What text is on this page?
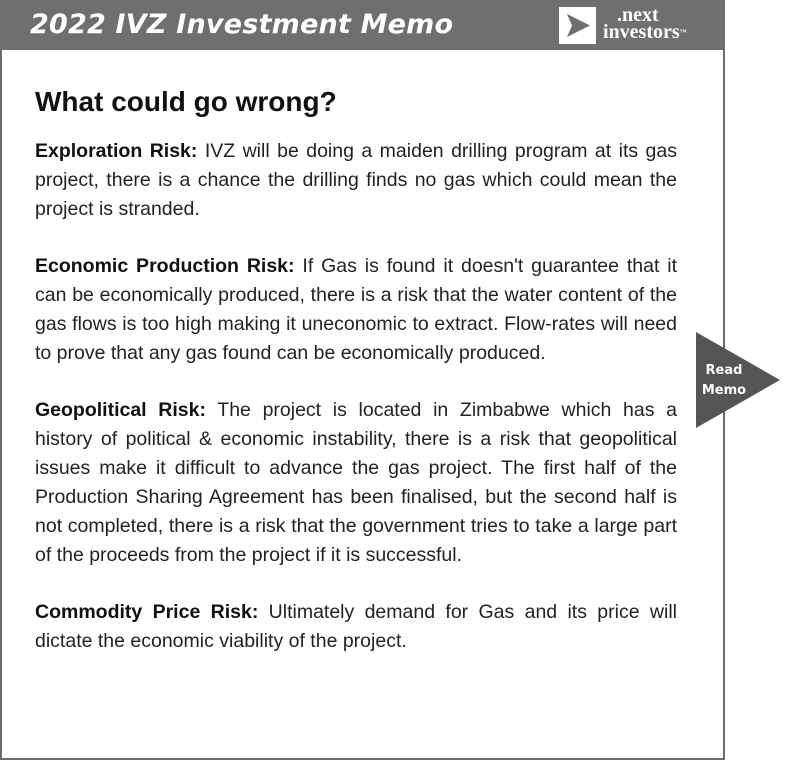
2022 IVZ Investment Memo	.next
investors™
What could go wrong?

Exploration Risk: IVZ will be doing a maiden drilling program at its gas project, there is a chance the drilling finds no gas which could mean the project is stranded.

Economic Production Risk: If Gas is found it doesn't guarantee that it can be economically produced, there is a risk that the water content of the gas flows is too high making it uneconomic to extract. Flow-rates will need to prove that any gas found can be economically produced.

Geopolitical Risk: The project is located in Zimbabwe which has a history of political & economic instability, there is a risk that geopolitical issues make it difficult to advance the gas project. The first half of the Production Sharing Agreement has been finalised, but the second half is not completed, there is a risk that the government tries to take a large part of the proceeds from the project if it is successful.

Commodity Price Risk: Ultimately demand for Gas and its price will dictate the economic viability of the project.

Read
Memo
